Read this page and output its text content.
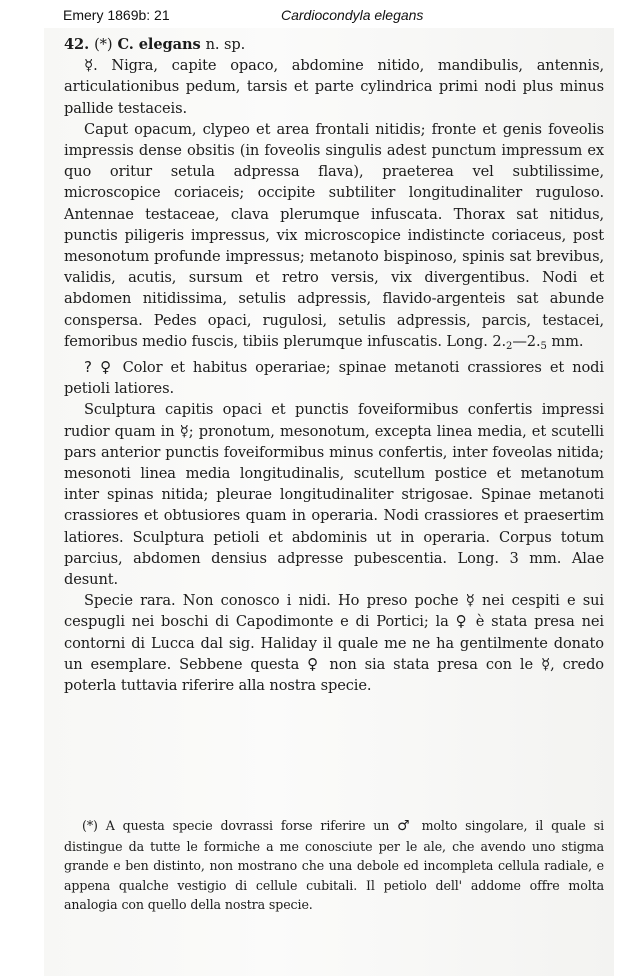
Emery 1869b: 21	Cardiocondyla elegans

42. (*) C. elegans n. sp.

☿. Nigra, capite opaco, abdomine nitido, mandibulis, antennis, articulationibus pedum, tarsis et parte cylindrica primi nodi plus minus pallide testaceis.

Caput opacum, clypeo et area frontali nitidis; fronte et genis foveolis impressis dense obsitis (in foveolis singulis adest punctum impressum ex quo oritur setula adpressa flava), praeterea vel subtilissime, microscopice coriaceis; occipite subtiliter longitudinaliter ruguloso. Antennae testaceae, clava plerumque infuscata. Thorax sat nitidus, punctis piligeris impressus, vix microscopice indistincte coriaceus, post mesonotum profunde impressus; metanoto bispinoso, spinis sat brevibus, validis, acutis, sursum et retro versis, vix divergentibus. Nodi et abdomen nitidissima, setulis adpressis, flavido-argenteis sat abunde conspersa. Pedes opaci, rugulosi, setulis adpressis, parcis, testacei, femoribus medio fuscis, tibiis plerumque infuscatis. Long. $2._2—2._5$ mm.

? ♀ Color et habitus operariae; spinae metanoti crassiores et nodi petioli latiores.

Sculptura capitis opaci et punctis foveiformibus confertis impressi rudior quam in ☿; pronotum, mesonotum, excepta linea media, et scutelli pars anterior punctis foveiformibus minus confertis, inter foveolas nitida; mesonoti linea media longitudinalis, scutellum postice et metanotum inter spinas nitida; pleurae longitudinaliter strigosae. Spinae metanoti crassiores et obtusiores quam in operaria. Nodi crassiores et praesertim latiores. Sculptura petioli et abdominis ut in operaria. Corpus totum parcius, abdomen densius adpresse pubescentia. Long. 3 mm. Alae desunt.

Specie rara. Non conosco i nidi. Ho preso poche ☿ nei cespiti e sui cespugli nei boschi di Capodimonte e di Portici; la ♀ è stata presa nei contorni di Lucca dal sig. Haliday il quale me ne ha gentilmente donato un esemplare. Sebbene questa ♀ non sia stata presa con le ☿, credo poterla tuttavia riferire alla nostra specie.

(*) A questa specie dovrassi forse riferire un ♂ molto singolare, il quale si distingue da tutte le formiche a me conosciute per le ale, che avendo uno stigma grande e ben distinto, non mostrano che una debole ed incompleta cellula radiale, e appena qualche vestigio di cellule cubitali. Il petiolo dell' addome offre molta analogia con quello della nostra specie.
